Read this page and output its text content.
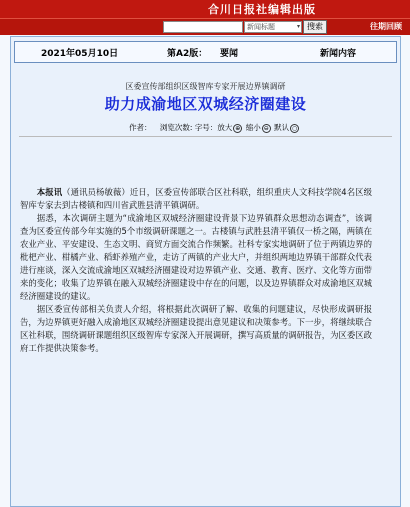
合川日报社编辑出版
新闻标题	▾ 搜索	往期回顾
2021年05月10日	第A2版： 要闻	新闻内容
区委宣传部组织区级智库专家开展边界镇调研
助力成渝地区双城经济圈建设
作者： 浏览次数: 字号：放大 ⊕ 缩小 ⊖ 默认 ○

本报讯（通讯员杨敏薇）近日，区委宣传部联合区社科联，组织重庆人文科技学院4名区级智库专家去到古楼镇和四川省武胜县清平镇调研。

据悉，本次调研主题为“成渝地区双城经济圈建设背景下边界镇群众思想动态调查”，该调查为区委宣传部今年实施的5个市级调研课题之一。古楼镇与武胜县清平镇仅一桥之隔，两镇在农业产业、平安建设、生态文明、商贸方面交流合作频繁。社科专家实地调研了位于两镇边界的枇杷产业、柑橘产业、稻虾养殖产业，走访了两镇的产业大户，并组织两地边界镇干部群众代表进行座谈，深入交流成渝地区双城经济圈建设对边界镇产业、交通、教育、医疗、文化等方面带来的变化；收集了边界镇在融入双城经济圈建设中存在的问题，以及边界镇群众对成渝地区双城经济圈建设的建议。

据区委宣传部相关负责人介绍，将根据此次调研了解、收集的问题建议，尽快形成调研报告，为边界镇更好融入成渝地区双城经济圈建设提出意见建议和决策参考。下一步，将继续联合区社科联，围绕调研课题组织区级智库专家深入开展调研，撰写高质量的调研报告，为区委区政府工作提供决策参考。
